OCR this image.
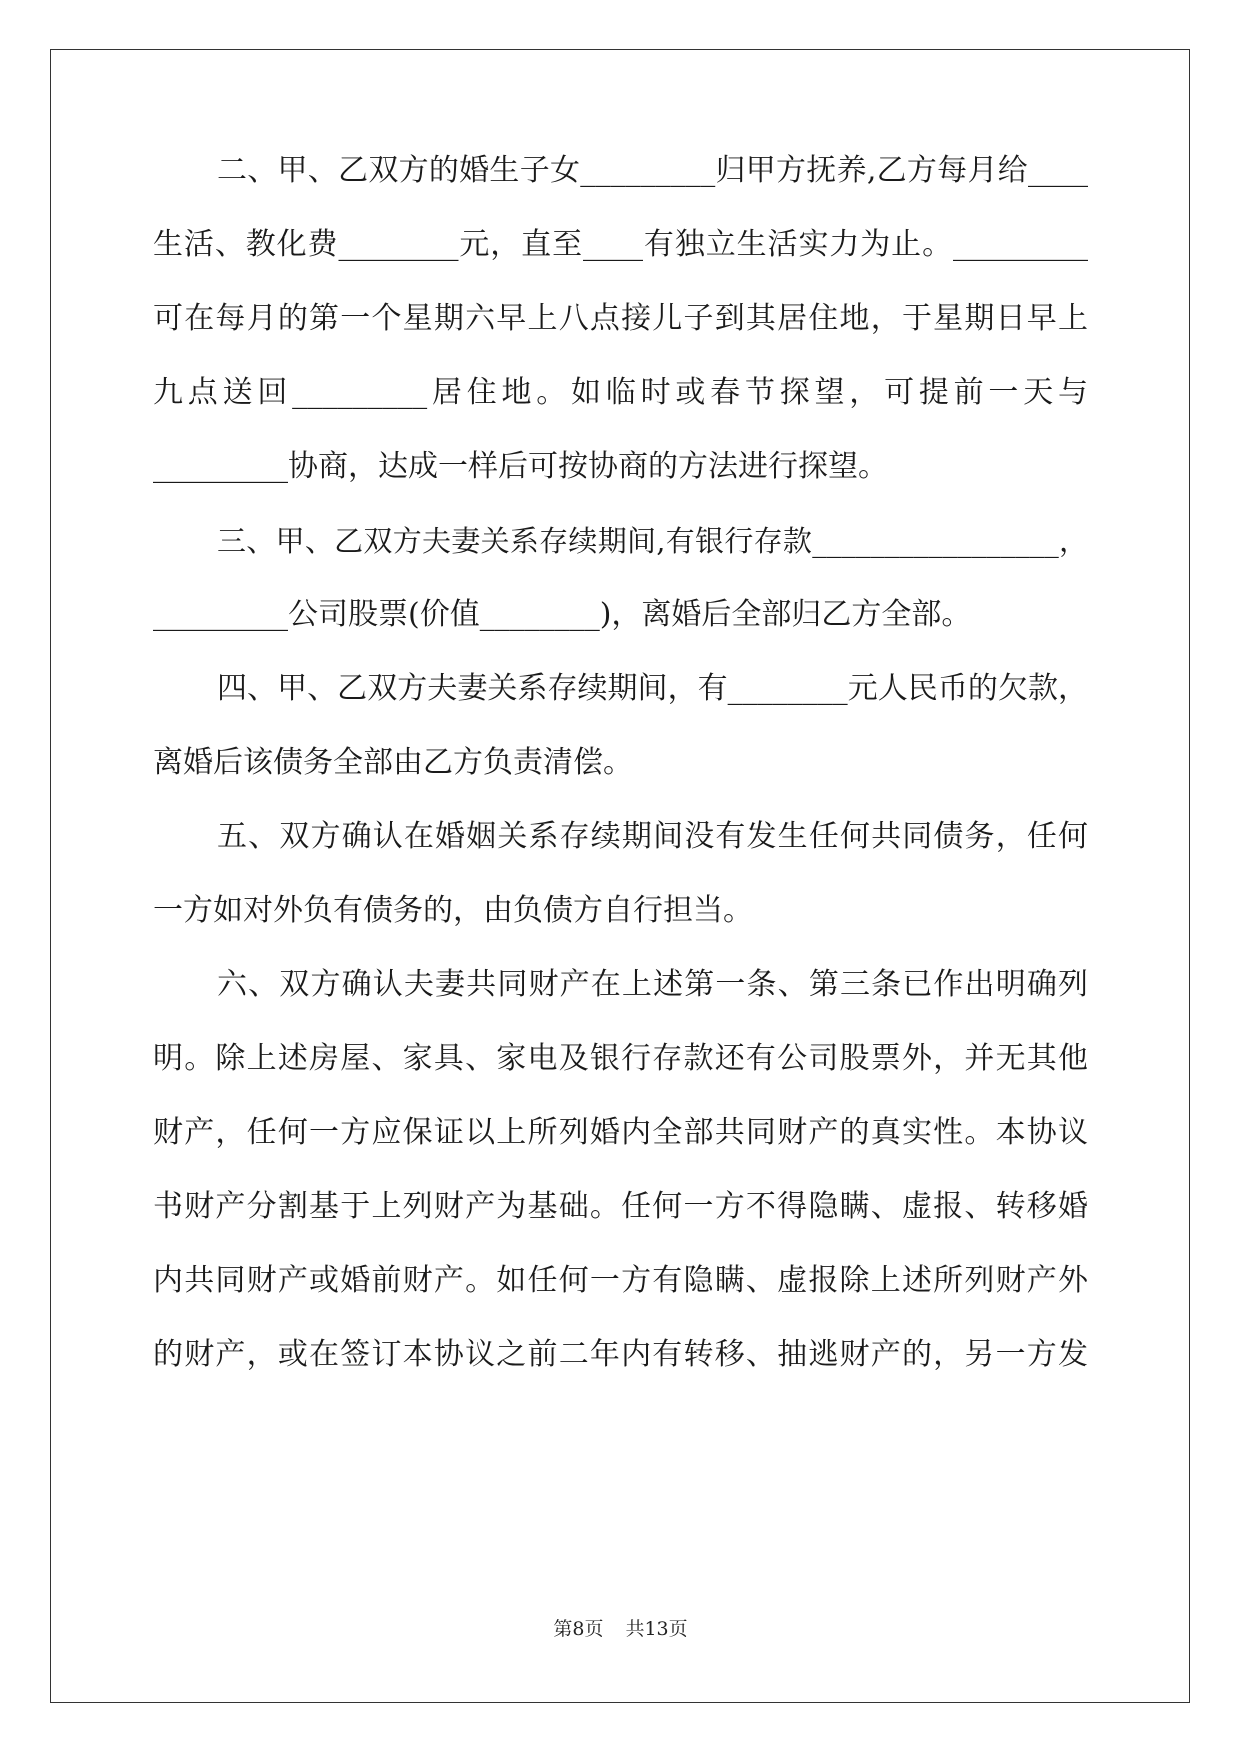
二、甲、乙双方的婚生子女_________归甲方抚养,乙方每月给____
生活、教化费________元，直至____有独立生活实力为止。_________
可在每月的第一个星期六早上八点接儿子到其居住地，于星期日早上
九点送回_________居住地。如临时或春节探望，可提前一天与
_________协商，达成一样后可按协商的方法进行探望。
三、甲、乙双方夫妻关系存续期间,有银行存款_________________，
_________公司股票(价值________)，离婚后全部归乙方全部。
四、甲、乙双方夫妻关系存续期间，有________元人民币的欠款，
离婚后该债务全部由乙方负责清偿。
五、双方确认在婚姻关系存续期间没有发生任何共同债务，任何
一方如对外负有债务的，由负债方自行担当。
六、双方确认夫妻共同财产在上述第一条、第三条已作出明确列
明。除上述房屋、家具、家电及银行存款还有公司股票外，并无其他
财产，任何一方应保证以上所列婚内全部共同财产的真实性。本协议
书财产分割基于上列财产为基础。任何一方不得隐瞒、虚报、转移婚
内共同财产或婚前财产。如任何一方有隐瞒、虚报除上述所列财产外
的财产，或在签订本协议之前二年内有转移、抽逃财产的，另一方发
第8页 共13页
